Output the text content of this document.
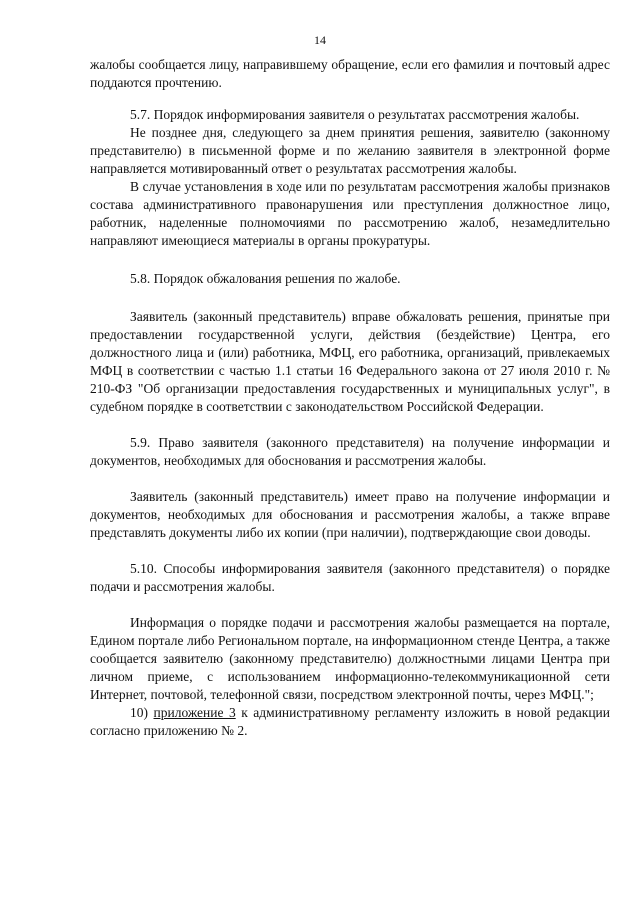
14

жалобы сообщается лицу, направившему обращение, если его фамилия и почтовый адрес поддаются прочтению.

5.7. Порядок информирования заявителя о результатах рассмотрения жалобы.

Не позднее дня, следующего за днем принятия решения, заявителю (законному представителю) в письменной форме и по желанию заявителя в электронной форме направляется мотивированный ответ о результатах рассмотрения жалобы.

В случае установления в ходе или по результатам рассмотрения жалобы признаков состава административного правонарушения или преступления должностное лицо, работник, наделенные полномочиями по рассмотрению жалоб, незамедлительно направляют имеющиеся материалы в органы прокуратуры.

5.8. Порядок обжалования решения по жалобе.

Заявитель (законный представитель) вправе обжаловать решения, принятые при предоставлении государственной услуги, действия (бездействие) Центра, его должностного лица и (или) работника, МФЦ, его работника, организаций, привлекаемых МФЦ в соответствии с частью 1.1 статьи 16 Федерального закона от 27 июля 2010 г. № 210-ФЗ "Об организации предоставления государственных и муниципальных услуг", в судебном порядке в соответствии с законодательством Российской Федерации.

5.9. Право заявителя (законного представителя) на получение информации и документов, необходимых для обоснования и рассмотрения жалобы.

Заявитель (законный представитель) имеет право на получение информации и документов, необходимых для обоснования и рассмотрения жалобы, а также вправе представлять документы либо их копии (при наличии), подтверждающие свои доводы.

5.10. Способы информирования заявителя (законного представителя) о порядке подачи и рассмотрения жалобы.

Информация о порядке подачи и рассмотрения жалобы размещается на портале, Едином портале либо Региональном портале, на информационном стенде Центра, а также сообщается заявителю (законному представителю) должностными лицами Центра при личном приеме, с использованием информационно-телекоммуникационной сети Интернет, почтовой, телефонной связи, посредством электронной почты, через МФЦ.";

10) приложение 3 к административному регламенту изложить в новой редакции согласно приложению № 2.
